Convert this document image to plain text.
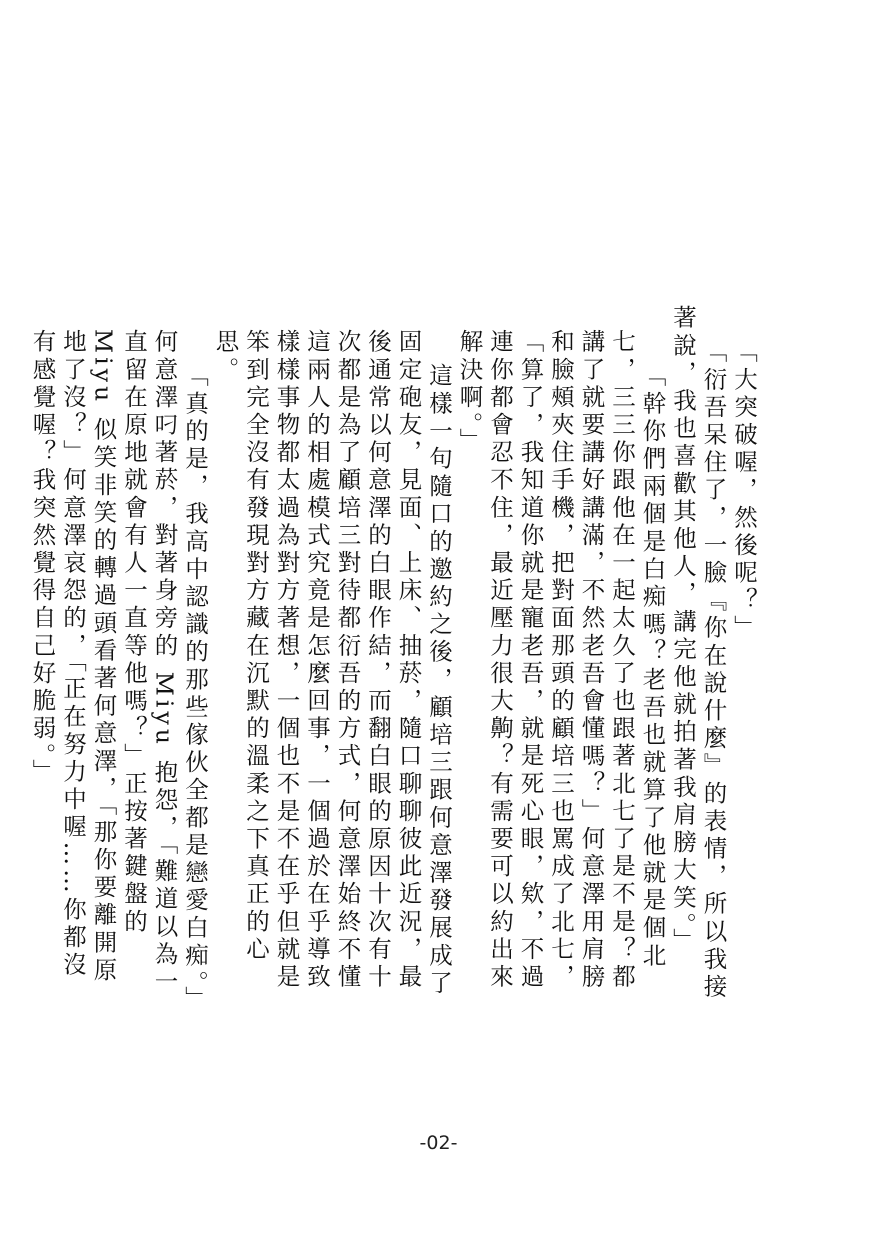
「大突破喔，然後呢？」

「衍吾呆住了，一臉『你在說什麼』的表情，所以我接著說，我也喜歡其他人，講完他就拍著我肩膀大笑。」

「幹你們兩個是白痴嗎？老吾也就算了他就是個北七，三三你跟他在一起太久了也跟著北七了是不是？都講了就要講好講滿，不然老吾會懂嗎？」何意澤用肩膀和臉頰夾住手機，把對面那頭的顧培三也罵成了北七，「算了，我知道你就是寵老吾，就是死心眼，欸，不過連你都會忍不住，最近壓力很大齁？有需要可以約出來解決啊。」

這樣一句隨口的邀約之後，顧培三跟何意澤發展成了固定砲友，見面、上床、抽菸，隨口聊聊彼此近況，最後通常以何意澤的白眼作結，而翻白眼的原因十次有十次都是為了顧培三對待都衍吾的方式，何意澤始終不懂這兩人的相處模式究竟是怎麼回事，一個過於在乎導致樣樣事物都太過為對方著想，一個也不是不在乎但就是笨到完全沒有發現對方藏在沉默的溫柔之下真正的心思。

「真的是，我高中認識的那些傢伙全都是戀愛白痴。」何意澤叼著菸，對著身旁的 Miyu 抱怨，「難道以為一直留在原地就會有人一直等他嗎？」正按著鍵盤的 Miyu 似笑非笑的轉過頭看著何意澤，「那你要離開原地了沒？」何意澤哀怨的，「正在努力中喔……你都沒有感覺喔？我突然覺得自己好脆弱。」

-02-
